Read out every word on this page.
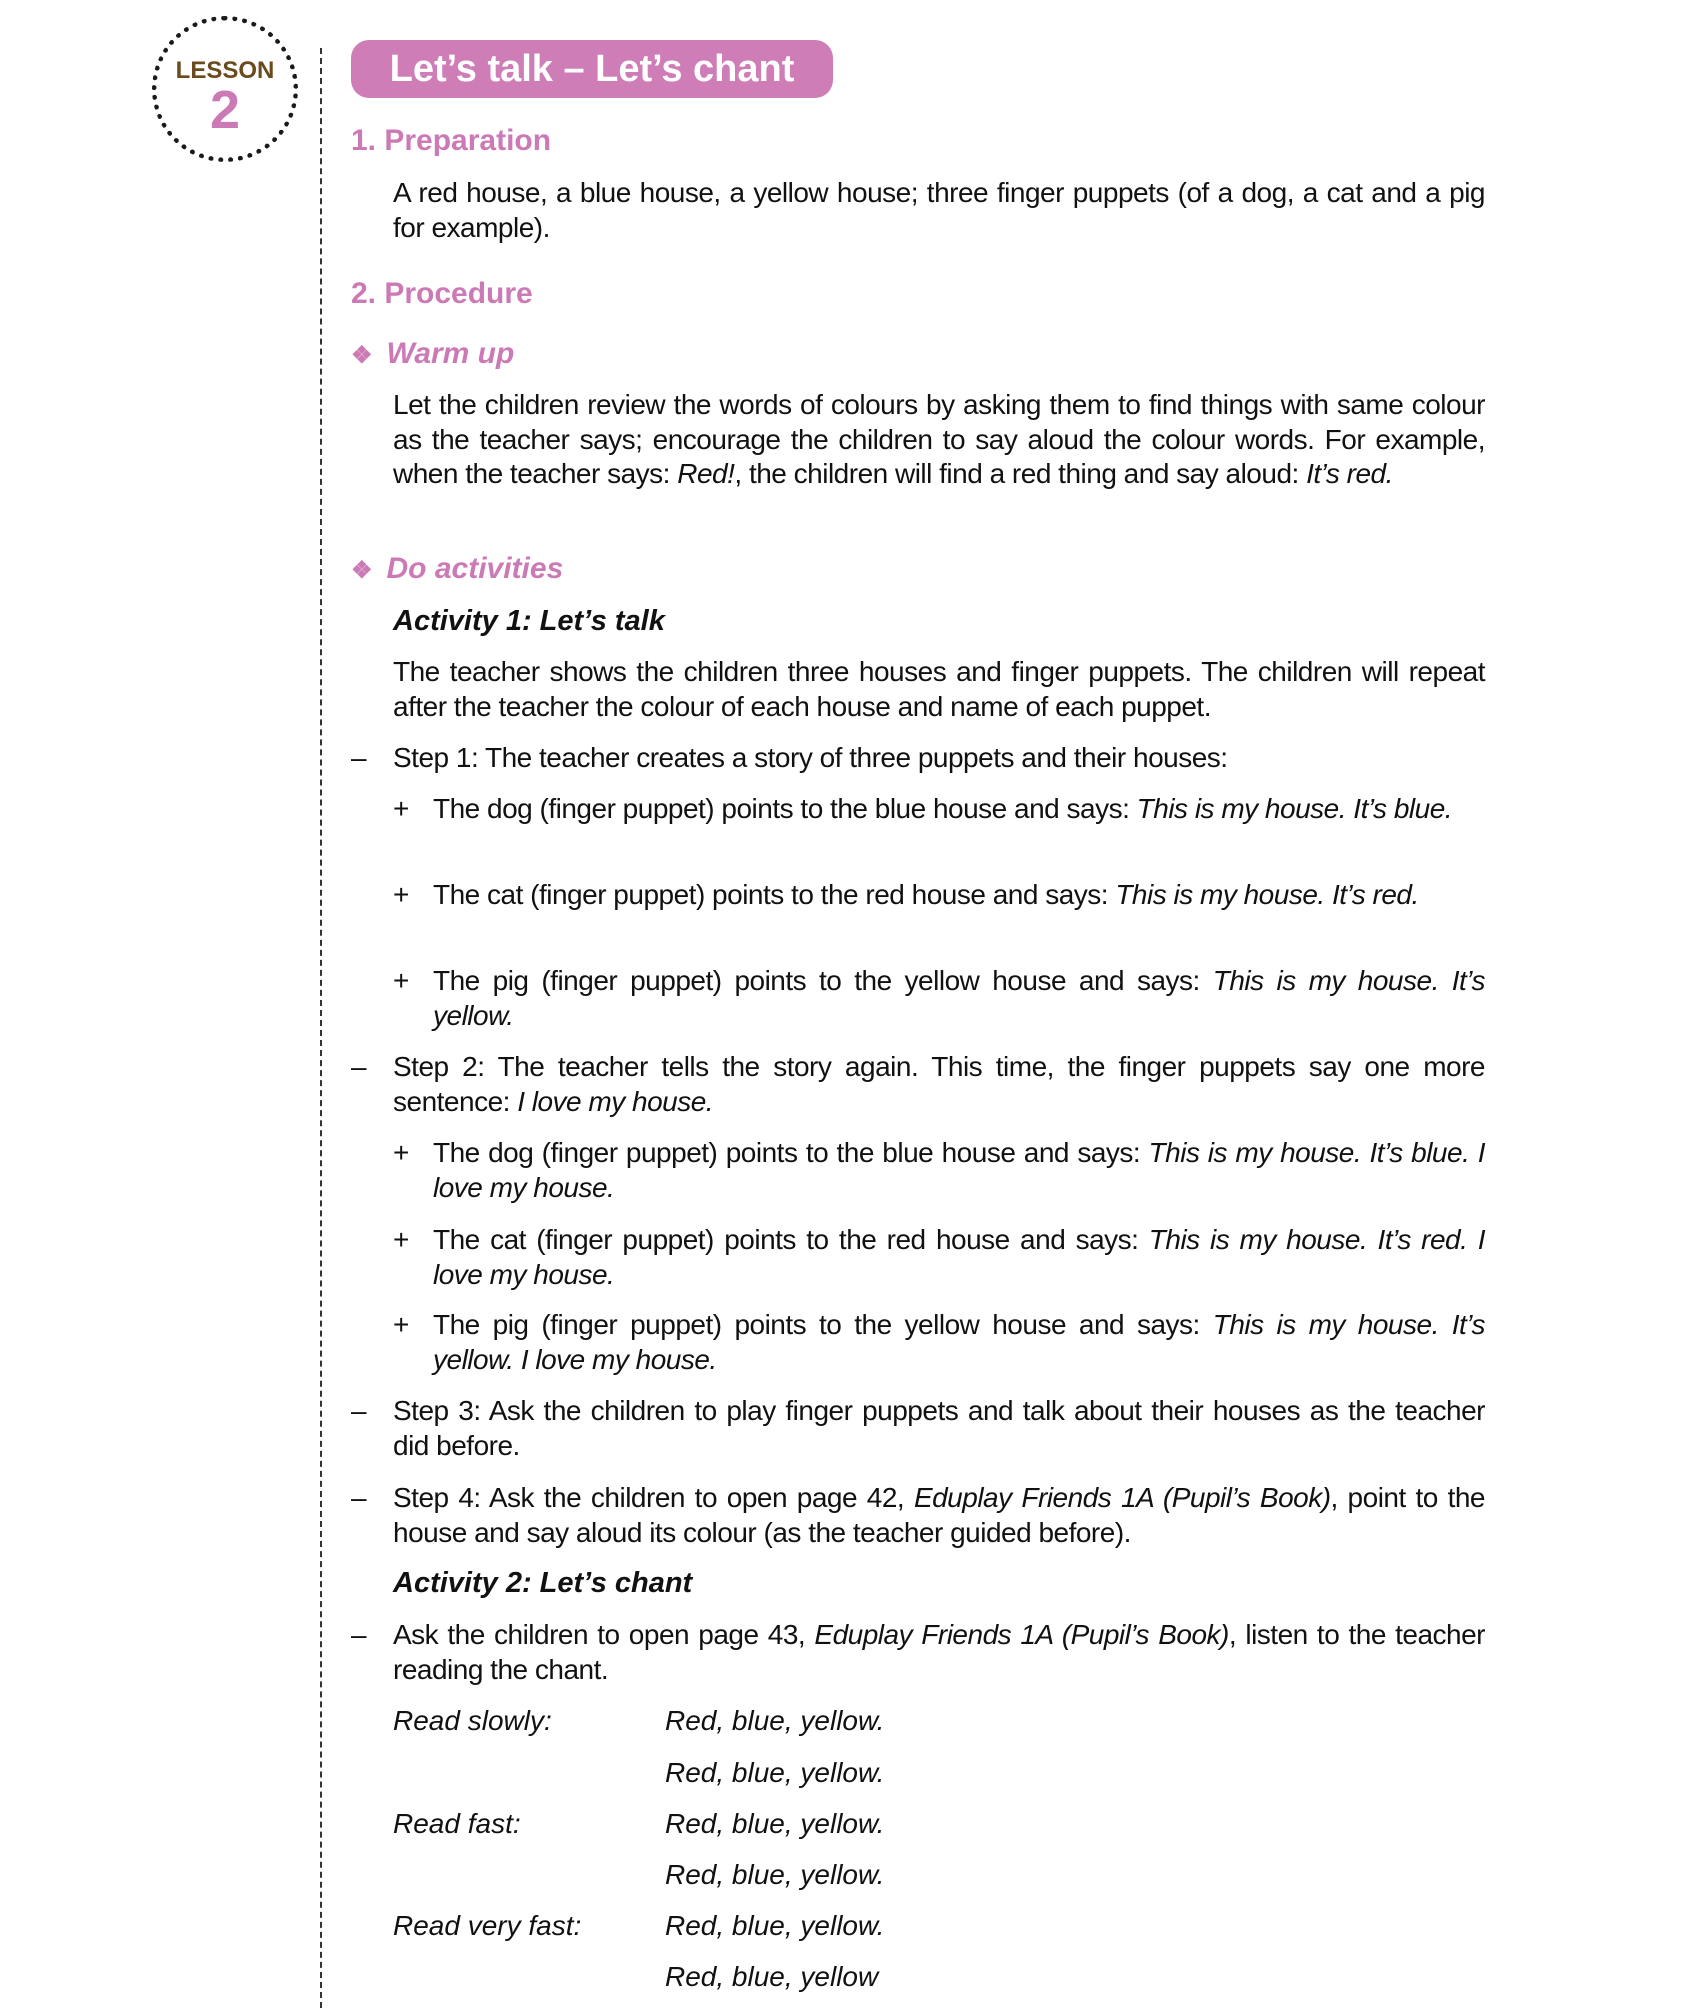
LESSON
2
Let’s talk – Let’s chant
1. Preparation
A red house, a blue house, a yellow house; three finger puppets (of a dog, a cat and a pig for example).
2. Procedure
❖ Warm up
Let the children review the words of colours by asking them to find things with same colour as the teacher says; encourage the children to say aloud the colour words. For example, when the teacher says: Red!, the children will find a red thing and say aloud: It’s red.
❖ Do activities
Activity 1: Let’s talk
The teacher shows the children three houses and finger puppets. The children will repeat after the teacher the colour of each house and name of each puppet.
– Step 1: The teacher creates a story of three puppets and their houses:
+ The dog (finger puppet) points to the blue house and says: This is my house. It’s blue.
+ The cat (finger puppet) points to the red house and says: This is my house. It’s red.
+ The pig (finger puppet) points to the yellow house and says: This is my house. It’s yellow.
– Step 2: The teacher tells the story again. This time, the finger puppets say one more sentence: I love my house.
+ The dog (finger puppet) points to the blue house and says: This is my house. It’s blue. I love my house.
+ The cat (finger puppet) points to the red house and says: This is my house. It’s red. I love my house.
+ The pig (finger puppet) points to the yellow house and says: This is my house. It’s yellow. I love my house.
– Step 3: Ask the children to play finger puppets and talk about their houses as the teacher did before.
– Step 4: Ask the children to open page 42, Eduplay Friends 1A (Pupil’s Book), point to the house and say aloud its colour (as the teacher guided before).
Activity 2: Let’s chant
– Ask the children to open page 43, Eduplay Friends 1A (Pupil’s Book), listen to the teacher reading the chant.
Read slowly:	Red, blue, yellow.
Red, blue, yellow.
Read fast:	Red, blue, yellow.
Red, blue, yellow.
Read very fast:	Red, blue, yellow.
Red, blue, yellow
